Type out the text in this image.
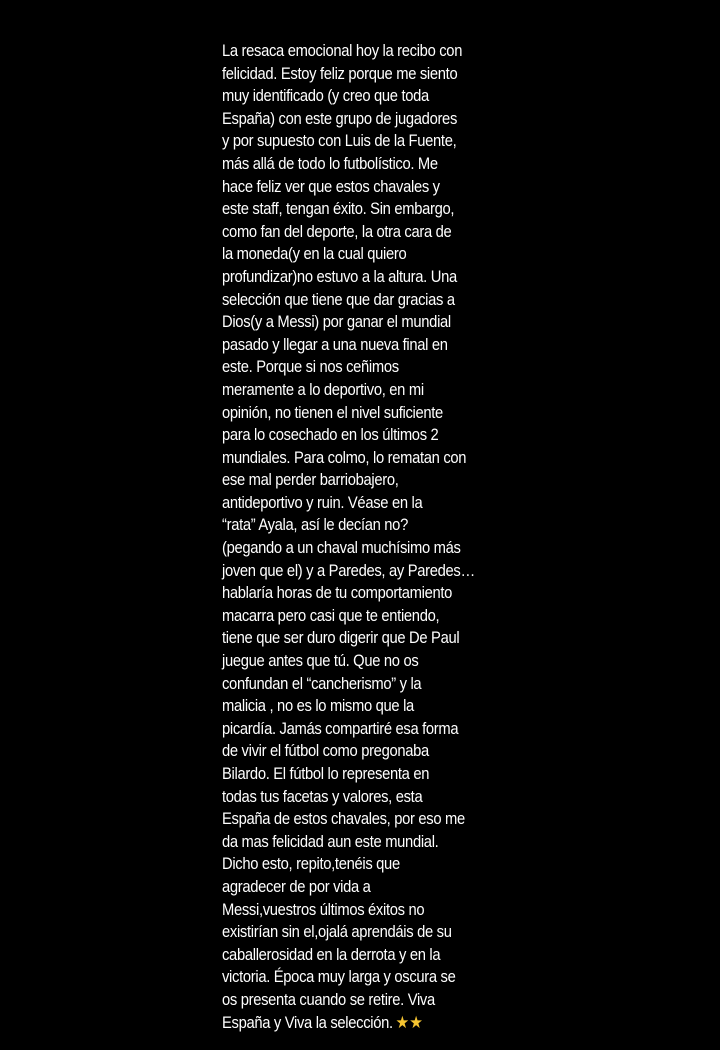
La resaca emocional hoy la recibo con
felicidad. Estoy feliz porque me siento
muy identificado (y creo que toda
España) con este grupo de jugadores
y por supuesto con Luis de la Fuente,
más allá de todo lo futbolístico. Me
hace feliz ver que estos chavales y
este staff, tengan éxito. Sin embargo,
como fan del deporte, la otra cara de
la moneda(y en la cual quiero
profundizar)no estuvo a la altura. Una
selección que tiene que dar gracias a
Dios(y a Messi) por ganar el mundial
pasado y llegar a una nueva final en
este. Porque si nos ceñimos
meramente a lo deportivo, en mi
opinión, no tienen el nivel suficiente
para lo cosechado en los últimos 2
mundiales. Para colmo, lo rematan con
ese mal perder barriobajero,
antideportivo y ruin. Véase en la
“rata” Ayala, así le decían no?
(pegando a un chaval muchísimo más
joven que el) y a Paredes, ay Paredes…
hablaría horas de tu comportamiento
macarra pero casi que te entiendo,
tiene que ser duro digerir que De Paul
juegue antes que tú. Que no os
confundan el “cancherismo” y la
malicia , no es lo mismo que la
picardía. Jamás compartiré esa forma
de vivir el fútbol como pregonaba
Bilardo. El fútbol lo representa en
todas tus facetas y valores, esta
España de estos chavales, por eso me
da mas felicidad aun este mundial.
Dicho esto, repito,tenéis que
agradecer de por vida a
Messi,vuestros últimos éxitos no
existirían sin el,ojalá aprendáis de su
caballerosidad en la derrota y en la
victoria. Época muy larga y oscura se
os presenta cuando se retire. Viva
España y Viva la selección. ★★
